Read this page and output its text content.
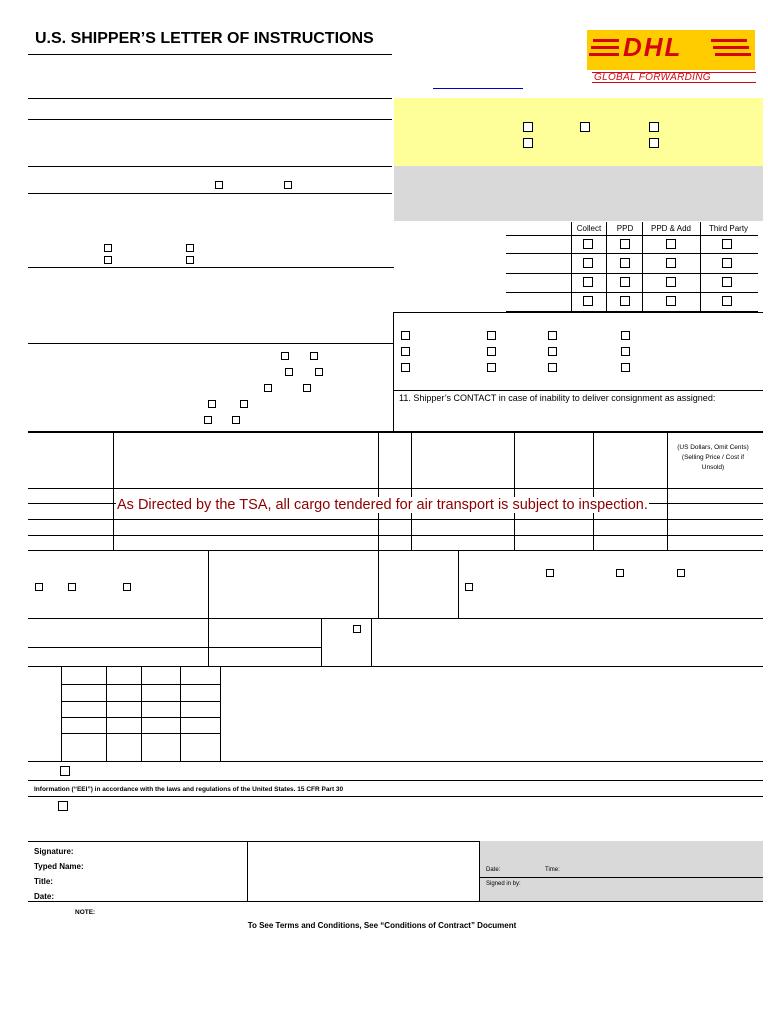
U.S. SHIPPER’S LETTER OF INSTRUCTIONS	DHL
GLOBAL FORWARDING
Collect	PPD	PPD & Add	Third Party
11. Shipper’s CONTACT in case of inability to deliver consignment as assigned:
(US Dollars, Omit Cents)
(Selling Price / Cost if
Unsold)
As Directed by the TSA, all cargo tendered for air transport is subject to inspection.
Information (“EEI”) in accordance with the laws and regulations of the United States. 15 CFR Part 30
Signature:
Typed Name:
Title:
Date:
Date:	Time:
Signed in by:
NOTE:
To See Terms and Conditions, See “Conditions of Contract” Document
